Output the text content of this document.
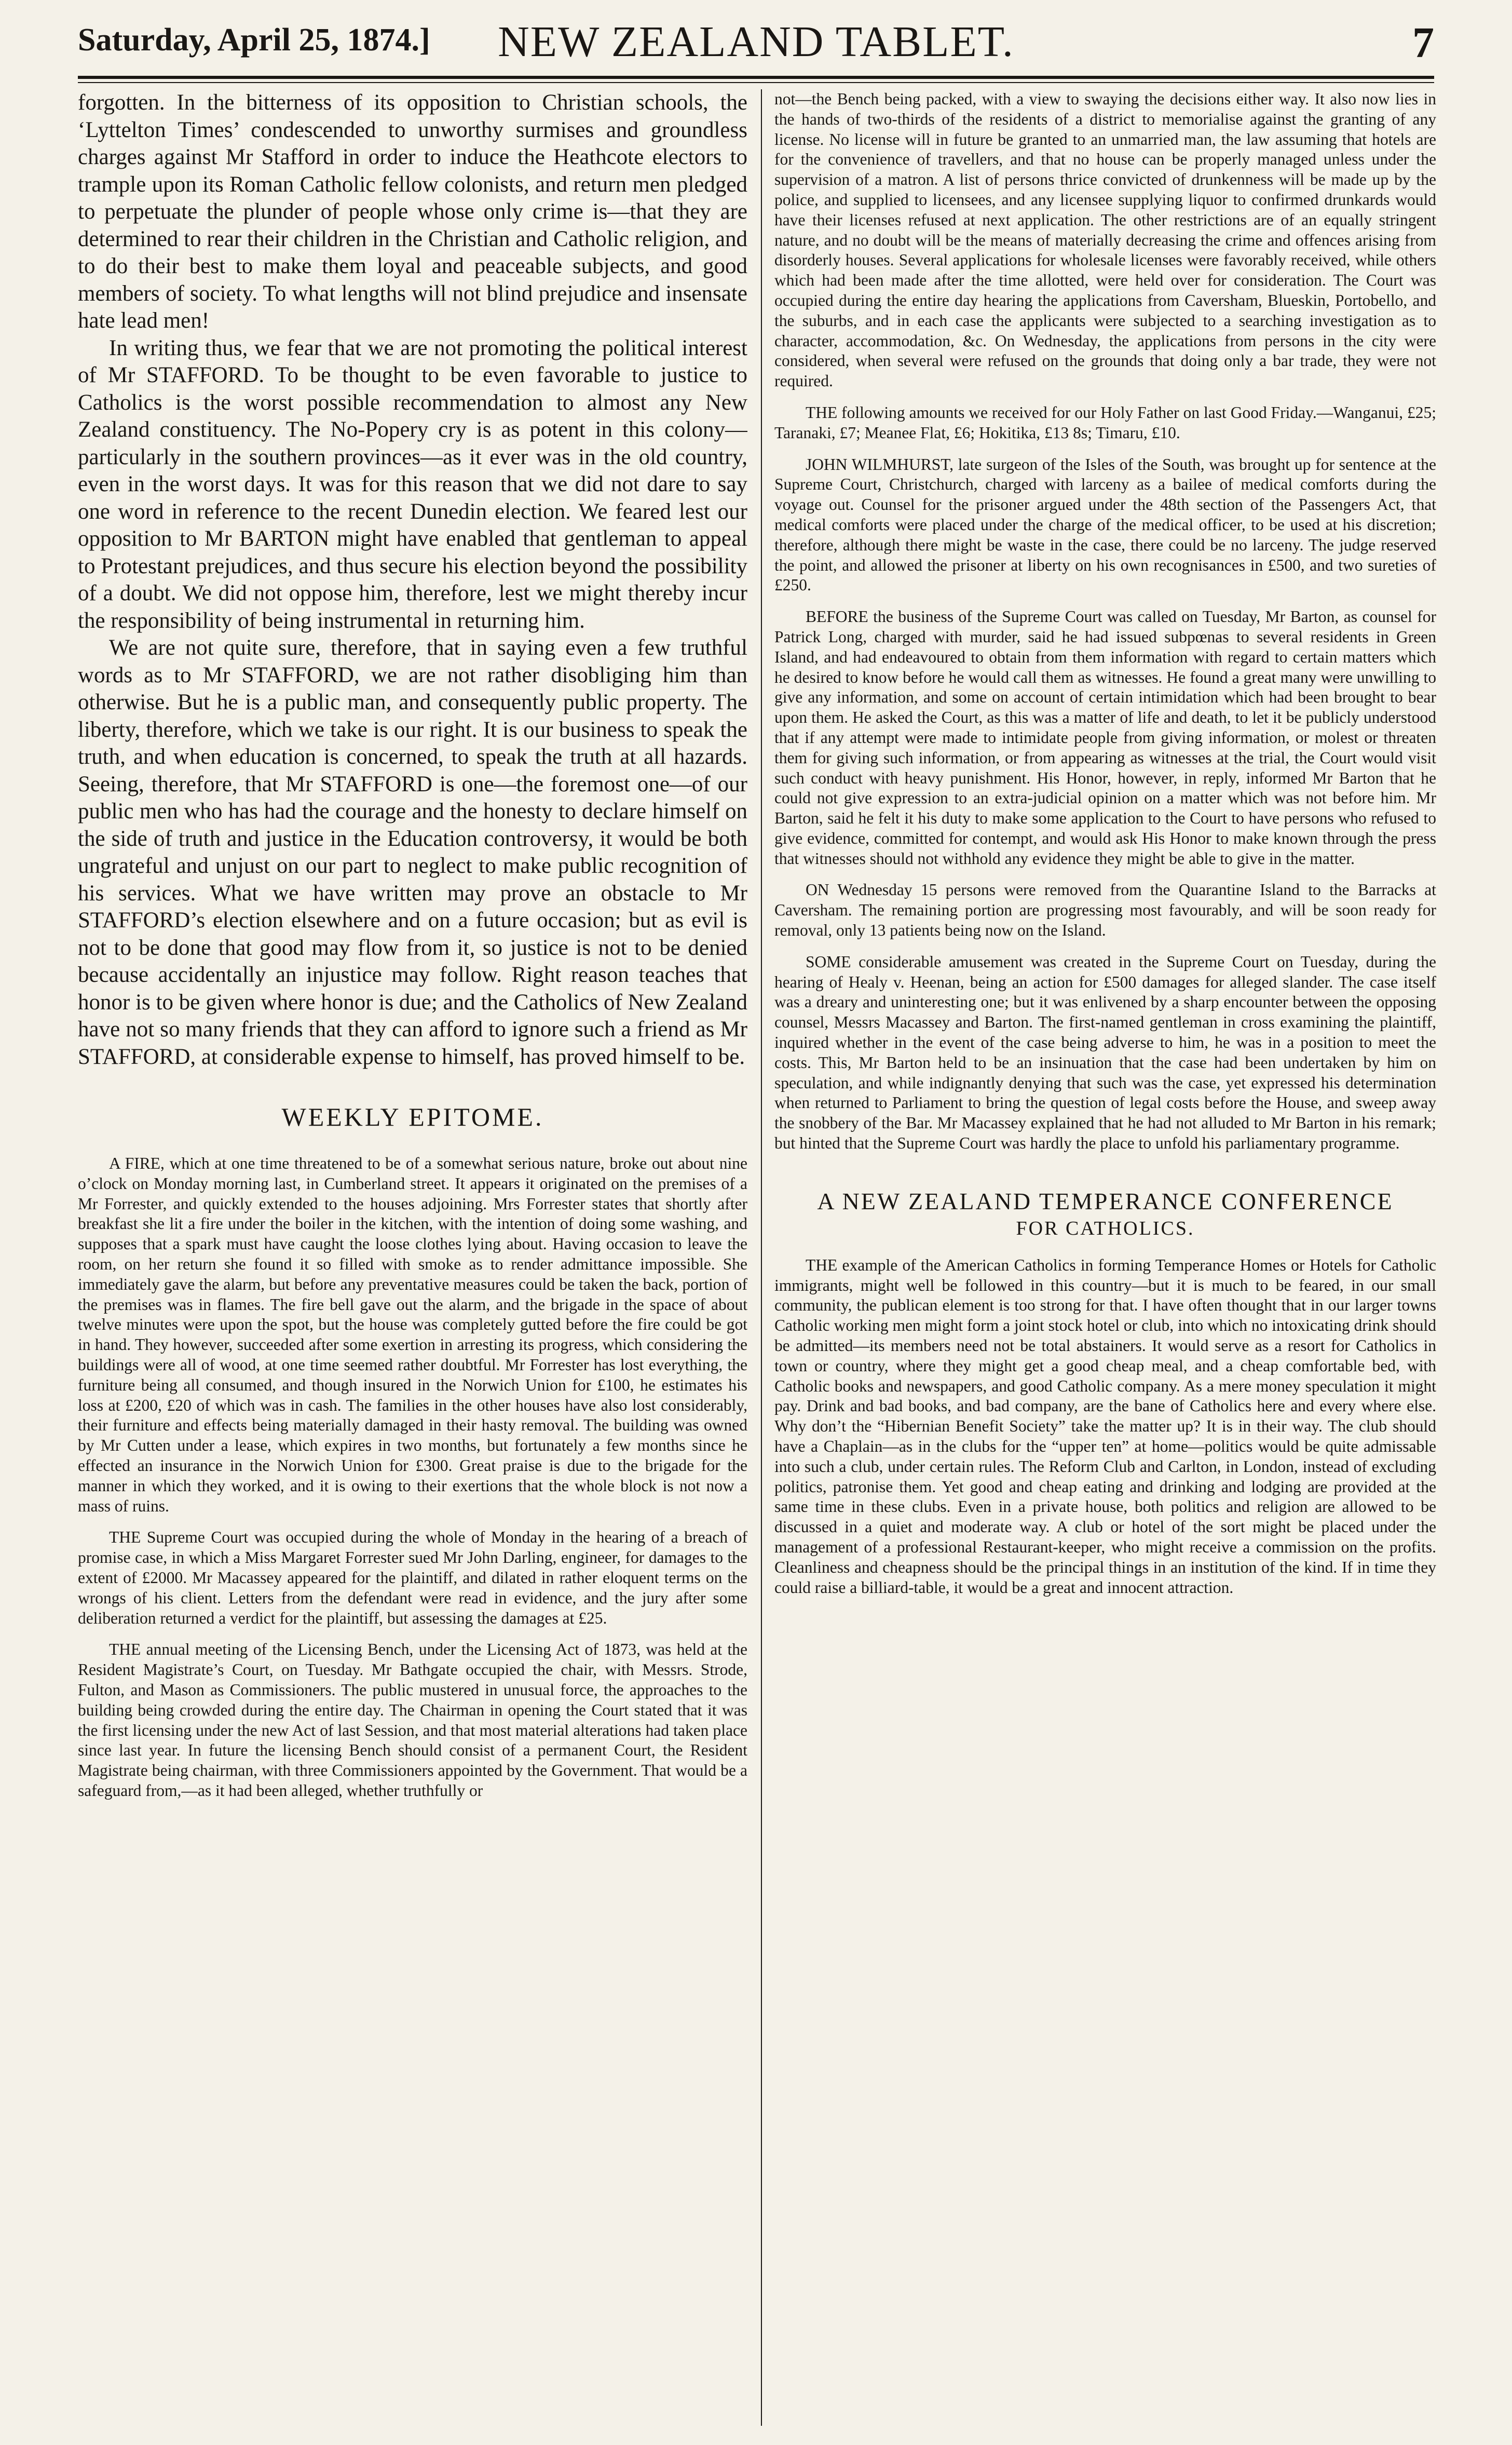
Saturday, April 25, 1874.]	NEW ZEALAND TABLET.	7

forgotten. In the bitterness of its opposition to Christian schools, the ‘Lyttelton Times’ condescended to unworthy surmises and groundless charges against Mr Stafford in order to induce the Heathcote electors to trample upon its Roman Catholic fellow colonists, and return men pledged to perpetuate the plunder of people whose only crime is—that they are determined to rear their children in the Christian and Catholic religion, and to do their best to make them loyal and peaceable subjects, and good members of society. To what lengths will not blind prejudice and insensate hate lead men!

In writing thus, we fear that we are not promoting the political interest of Mr STAFFORD. To be thought to be even favorable to justice to Catholics is the worst possible recommendation to almost any New Zealand constituency. The No-Popery cry is as potent in this colony—particularly in the southern provinces—as it ever was in the old country, even in the worst days. It was for this reason that we did not dare to say one word in reference to the recent Dunedin election. We feared lest our opposition to Mr BARTON might have enabled that gentleman to appeal to Protestant prejudices, and thus secure his election beyond the possibility of a doubt. We did not oppose him, therefore, lest we might thereby incur the responsibility of being instrumental in returning him.

We are not quite sure, therefore, that in saying even a few truthful words as to Mr STAFFORD, we are not rather disobliging him than otherwise. But he is a public man, and consequently public property. The liberty, therefore, which we take is our right. It is our business to speak the truth, and when education is concerned, to speak the truth at all hazards. Seeing, therefore, that Mr STAFFORD is one—the foremost one—of our public men who has had the courage and the honesty to declare himself on the side of truth and justice in the Education controversy, it would be both ungrateful and unjust on our part to neglect to make public recognition of his services. What we have written may prove an obstacle to Mr STAFFORD’s election elsewhere and on a future occasion; but as evil is not to be done that good may flow from it, so justice is not to be denied because accidentally an injustice may follow. Right reason teaches that honor is to be given where honor is due; and the Catholics of New Zealand have not so many friends that they can afford to ignore such a friend as Mr STAFFORD, at considerable expense to himself, has proved himself to be.

WEEKLY EPITOME.

A FIRE, which at one time threatened to be of a somewhat serious nature, broke out about nine o’clock on Monday morning last, in Cumberland street. It appears it originated on the premises of a Mr Forrester, and quickly extended to the houses adjoining. Mrs Forrester states that shortly after breakfast she lit a fire under the boiler in the kitchen, with the intention of doing some washing, and supposes that a spark must have caught the loose clothes lying about. Having occasion to leave the room, on her return she found it so filled with smoke as to render admittance impossible. She immediately gave the alarm, but before any preventative measures could be taken the back, portion of the premises was in flames. The fire bell gave out the alarm, and the brigade in the space of about twelve minutes were upon the spot, but the house was completely gutted before the fire could be got in hand. They however, succeeded after some exertion in arresting its progress, which considering the buildings were all of wood, at one time seemed rather doubtful. Mr Forrester has lost everything, the furniture being all consumed, and though insured in the Norwich Union for £100, he estimates his loss at £200, £20 of which was in cash. The families in the other houses have also lost considerably, their furniture and effects being materially damaged in their hasty removal. The building was owned by Mr Cutten under a lease, which expires in two months, but fortunately a few months since he effected an insurance in the Norwich Union for £300. Great praise is due to the brigade for the manner in which they worked, and it is owing to their exertions that the whole block is not now a mass of ruins.

THE Supreme Court was occupied during the whole of Monday in the hearing of a breach of promise case, in which a Miss Margaret Forrester sued Mr John Darling, engineer, for damages to the extent of £2000. Mr Macassey appeared for the plaintiff, and dilated in rather eloquent terms on the wrongs of his client. Letters from the defendant were read in evidence, and the jury after some deliberation returned a verdict for the plaintiff, but assessing the damages at £25.

THE annual meeting of the Licensing Bench, under the Licensing Act of 1873, was held at the Resident Magistrate’s Court, on Tuesday. Mr Bathgate occupied the chair, with Messrs. Strode, Fulton, and Mason as Commissioners. The public mustered in unusual force, the approaches to the building being crowded during the entire day. The Chairman in opening the Court stated that it was the first licensing under the new Act of last Session, and that most material alterations had taken place since last year. In future the licensing Bench should consist of a permanent Court, the Resident Magistrate being chairman, with three Commissioners appointed by the Government. That would be a safeguard from,—as it had been alleged, whether truthfully or

not—the Bench being packed, with a view to swaying the decisions either way. It also now lies in the hands of two-thirds of the residents of a district to memorialise against the granting of any license. No license will in future be granted to an unmarried man, the law assuming that hotels are for the convenience of travellers, and that no house can be properly managed unless under the supervision of a matron. A list of persons thrice convicted of drunkenness will be made up by the police, and supplied to licensees, and any licensee supplying liquor to confirmed drunkards would have their licenses refused at next application. The other restrictions are of an equally stringent nature, and no doubt will be the means of materially decreasing the crime and offences arising from disorderly houses. Several applications for wholesale licenses were favorably received, while others which had been made after the time allotted, were held over for consideration. The Court was occupied during the entire day hearing the applications from Caversham, Blueskin, Portobello, and the suburbs, and in each case the applicants were subjected to a searching investigation as to character, accommodation, &c. On Wednesday, the applications from persons in the city were considered, when several were refused on the grounds that doing only a bar trade, they were not required.

THE following amounts we received for our Holy Father on last Good Friday.—Wanganui, £25; Taranaki, £7; Meanee Flat, £6; Hokitika, £13 8s; Timaru, £10.

JOHN WILMHURST, late surgeon of the Isles of the South, was brought up for sentence at the Supreme Court, Christchurch, charged with larceny as a bailee of medical comforts during the voyage out. Counsel for the prisoner argued under the 48th section of the Passengers Act, that medical comforts were placed under the charge of the medical officer, to be used at his discretion; therefore, although there might be waste in the case, there could be no larceny. The judge reserved the point, and allowed the prisoner at liberty on his own recognisances in £500, and two sureties of £250.

BEFORE the business of the Supreme Court was called on Tuesday, Mr Barton, as counsel for Patrick Long, charged with murder, said he had issued subpœnas to several residents in Green Island, and had endeavoured to obtain from them information with regard to certain matters which he desired to know before he would call them as witnesses. He found a great many were unwilling to give any information, and some on account of certain intimidation which had been brought to bear upon them. He asked the Court, as this was a matter of life and death, to let it be publicly understood that if any attempt were made to intimidate people from giving information, or molest or threaten them for giving such information, or from appearing as witnesses at the trial, the Court would visit such conduct with heavy punishment. His Honor, however, in reply, informed Mr Barton that he could not give expression to an extra-judicial opinion on a matter which was not before him. Mr Barton, said he felt it his duty to make some application to the Court to have persons who refused to give evidence, committed for contempt, and would ask His Honor to make known through the press that witnesses should not withhold any evidence they might be able to give in the matter.

ON Wednesday 15 persons were removed from the Quarantine Island to the Barracks at Caversham. The remaining portion are progressing most favourably, and will be soon ready for removal, only 13 patients being now on the Island.

SOME considerable amusement was created in the Supreme Court on Tuesday, during the hearing of Healy v. Heenan, being an action for £500 damages for alleged slander. The case itself was a dreary and uninteresting one; but it was enlivened by a sharp encounter between the opposing counsel, Messrs Macassey and Barton. The first-named gentleman in cross examining the plaintiff, inquired whether in the event of the case being adverse to him, he was in a position to meet the costs. This, Mr Barton held to be an insinuation that the case had been undertaken by him on speculation, and while indignantly denying that such was the case, yet expressed his determination when returned to Parliament to bring the question of legal costs before the House, and sweep away the snobbery of the Bar. Mr Macassey explained that he had not alluded to Mr Barton in his remark; but hinted that the Supreme Court was hardly the place to unfold his parliamentary programme.

A NEW ZEALAND TEMPERANCE CONFERENCE
FOR CATHOLICS.

THE example of the American Catholics in forming Temperance Homes or Hotels for Catholic immigrants, might well be followed in this country—but it is much to be feared, in our small community, the publican element is too strong for that. I have often thought that in our larger towns Catholic working men might form a joint stock hotel or club, into which no intoxicating drink should be admitted—its members need not be total abstainers. It would serve as a resort for Catholics in town or country, where they might get a good cheap meal, and a cheap comfortable bed, with Catholic books and newspapers, and good Catholic company. As a mere money speculation it might pay. Drink and bad books, and bad company, are the bane of Catholics here and every where else. Why don’t the “Hibernian Benefit Society” take the matter up? It is in their way. The club should have a Chaplain—as in the clubs for the “upper ten” at home—politics would be quite admissable into such a club, under certain rules. The Reform Club and Carlton, in London, instead of excluding politics, patronise them. Yet good and cheap eating and drinking and lodging are provided at the same time in these clubs. Even in a private house, both politics and religion are allowed to be discussed in a quiet and moderate way. A club or hotel of the sort might be placed under the management of a professional Restaurant-keeper, who might receive a commission on the profits. Cleanliness and cheapness should be the principal things in an institution of the kind. If in time they could raise a billiard-table, it would be a great and innocent attraction.
